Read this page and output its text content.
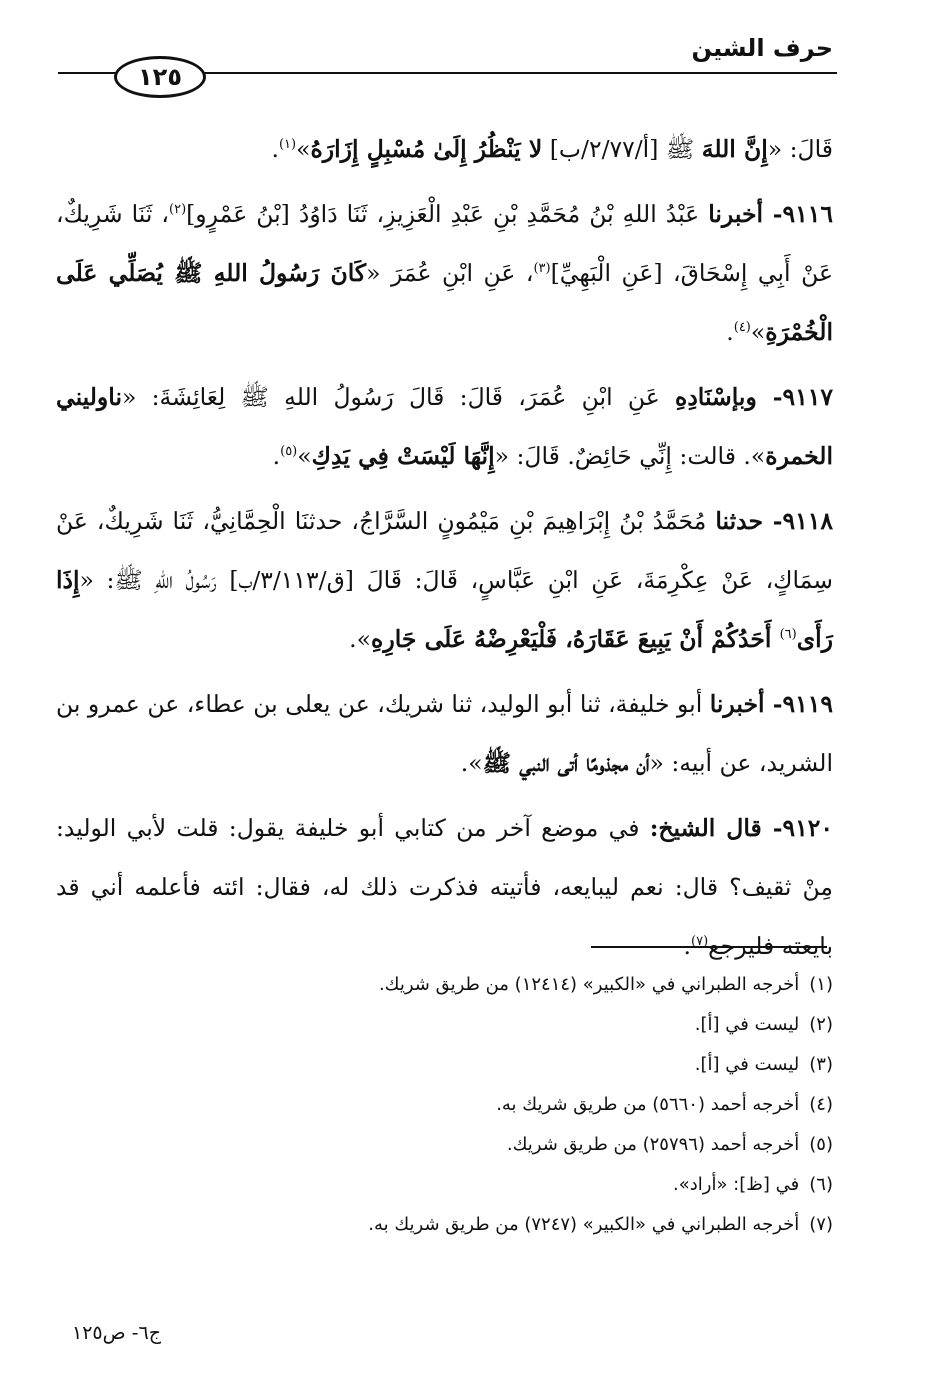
حرف الشين
١٢٥

قَالَ: «إِنَّ اللهَ ﷺ [أ/٢/٧٧/ب] لا يَنْظُرُ إِلَىٰ مُسْبِلٍ إِزَارَهُ»$^{(١)}$.

٩١١٦- أخبرنا عَبْدُ اللهِ بْنُ مُحَمَّدِ بْنِ عَبْدِ الْعَزِيزِ، ثَنَا دَاوُدُ [بْنُ عَمْرٍو]$^{(٢)}$، ثَنَا شَرِيكٌ، عَنْ أَبِي إِسْحَاقَ، [عَنِ الْبَهِيِّ]$^{(٣)}$، عَنِ ابْنِ عُمَرَ «كَانَ رَسُولُ اللهِ ﷺ يُصَلِّي عَلَى الْخُمْرَةِ»$^{(٤)}$.

٩١١٧- وبإسْنَادِهِ عَنِ ابْنِ عُمَرَ، قَالَ: قَالَ رَسُولُ اللهِ ﷺ لِعَائِشَةَ: «ناوليني الخمرة». قالت: إِنِّي حَائِضٌ. قَالَ: «إِنَّهَا لَيْسَتْ فِي يَدِكِ»$^{(٥)}$.

٩١١٨- حدثنا مُحَمَّدُ بْنُ إِبْرَاهِيمَ بْنِ مَيْمُونٍ السَّرَّاجُ، حدثنَا الْحِمَّانِيُّ، ثَنَا شَرِيكٌ، عَنْ سِمَاكٍ، عَنْ عِكْرِمَةَ، عَنِ ابْنِ عَبَّاسٍ، قَالَ: قَالَ [ق/٣/١١٣/ب] رَسُولُ اللهِ ﷺ: «إِذَا رَأَى$^{(٦)}$ أَحَدُكُمْ أَنْ يَبِيعَ عَقَارَهُ، فَلْيَعْرِضْهُ عَلَى جَارِهِ».

٩١١٩- أخبرنا أبو خليفة، ثنا أبو الوليد، ثنا شريك، عن يعلى بن عطاء، عن عمرو بن الشريد، عن أبيه: «أن مجذومًا أتى النبي ﷺ».

٩١٢٠- قال الشيخ: في موضع آخر من كتابي أبو خليفة يقول: قلت لأبي الوليد: مِنْ ثقيف؟ قال: نعم ليبايعه، فأتيته فذكرت ذلك له، فقال: ائته فأعلمه أني قد بايعته فليرجع$^{(٧)}$.

(١)أخرجه الطبراني في «الكبير» (١٢٤١٤) من طريق شريك.
(٢)ليست في [أ].
(٣)ليست في [أ].
(٤)أخرجه أحمد (٥٦٦٠) من طريق شريك به.
(٥)أخرجه أحمد (٢٥٧٩٦) من طريق شريك.
(٦)في [ظ]: «أراد».
(٧)أخرجه الطبراني في «الكبير» (٧٢٤٧) من طريق شريك به.
ج٦- ص١٢٥
